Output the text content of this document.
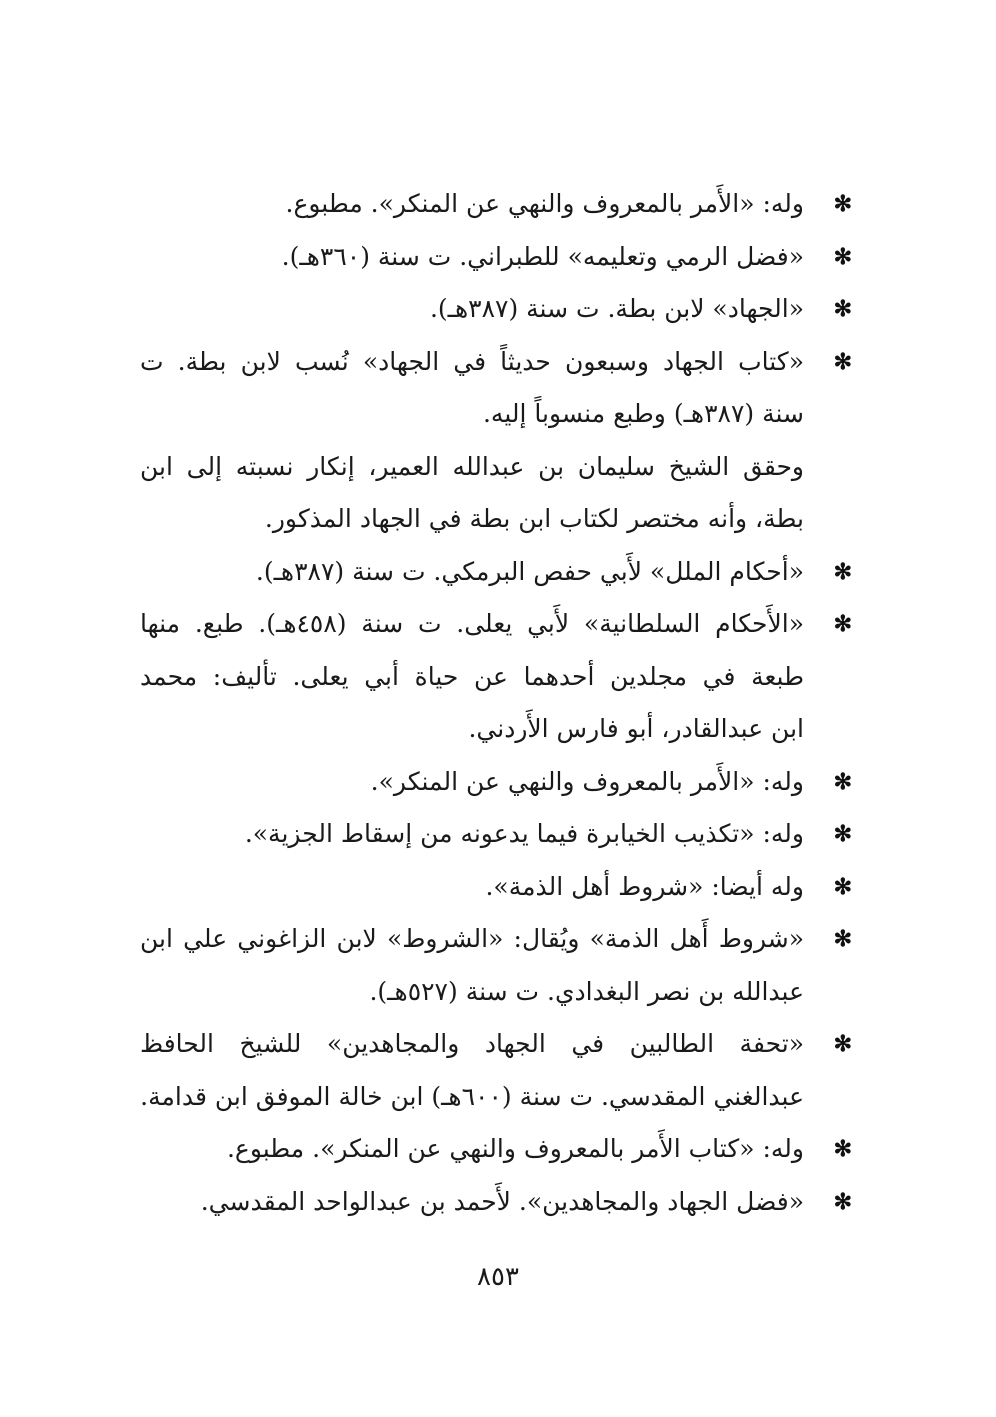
✻
وله: «الأَمر بالمعروف والنهي عن المنكر». مطبوع.
✻
«فضل الرمي وتعليمه» للطبراني. ت سنة (٣٦٠هـ).
✻
«الجهاد» لابن بطة. ت سنة (٣٨٧هـ).
✻
«كتاب الجهاد وسبعون حديثاً في الجهاد» نُسب لابن بطة. ت
سنة (٣٨٧هـ) وطبع منسوباً إليه.
وحقق الشيخ سليمان بن عبدالله العمير، إنكار نسبته إلى ابن
بطة، وأنه مختصر لكتاب ابن بطة في الجهاد المذكور.
✻
«أحكام الملل» لأَبي حفص البرمكي. ت سنة (٣٨٧هـ).
✻
«الأَحكام السلطانية» لأَبي يعلى. ت سنة (٤٥٨هـ). طبع. منها
طبعة في مجلدين أحدهما عن حياة أبي يعلى. تأليف: محمد
ابن عبدالقادر، أبو فارس الأَردني.
✻
وله: «الأَمر بالمعروف والنهي عن المنكر».
✻
وله: «تكذيب الخيابرة فيما يدعونه من إسقاط الجزية».
✻
وله أيضا: «شروط أهل الذمة».
✻
«شروط أَهل الذمة» ويُقال: «الشروط» لابن الزاغوني علي ابن
عبدالله بن نصر البغدادي. ت سنة (٥٢٧هـ).
✻
«تحفة الطالبين في الجهاد والمجاهدين» للشيخ الحافظ
عبدالغني المقدسي. ت سنة (٦٠٠هـ) ابن خالة الموفق ابن قدامة.
✻
وله: «كتاب الأَمر بالمعروف والنهي عن المنكر». مطبوع.
✻
«فضل الجهاد والمجاهدين». لأَحمد بن عبدالواحد المقدسي.
٨٥٣
